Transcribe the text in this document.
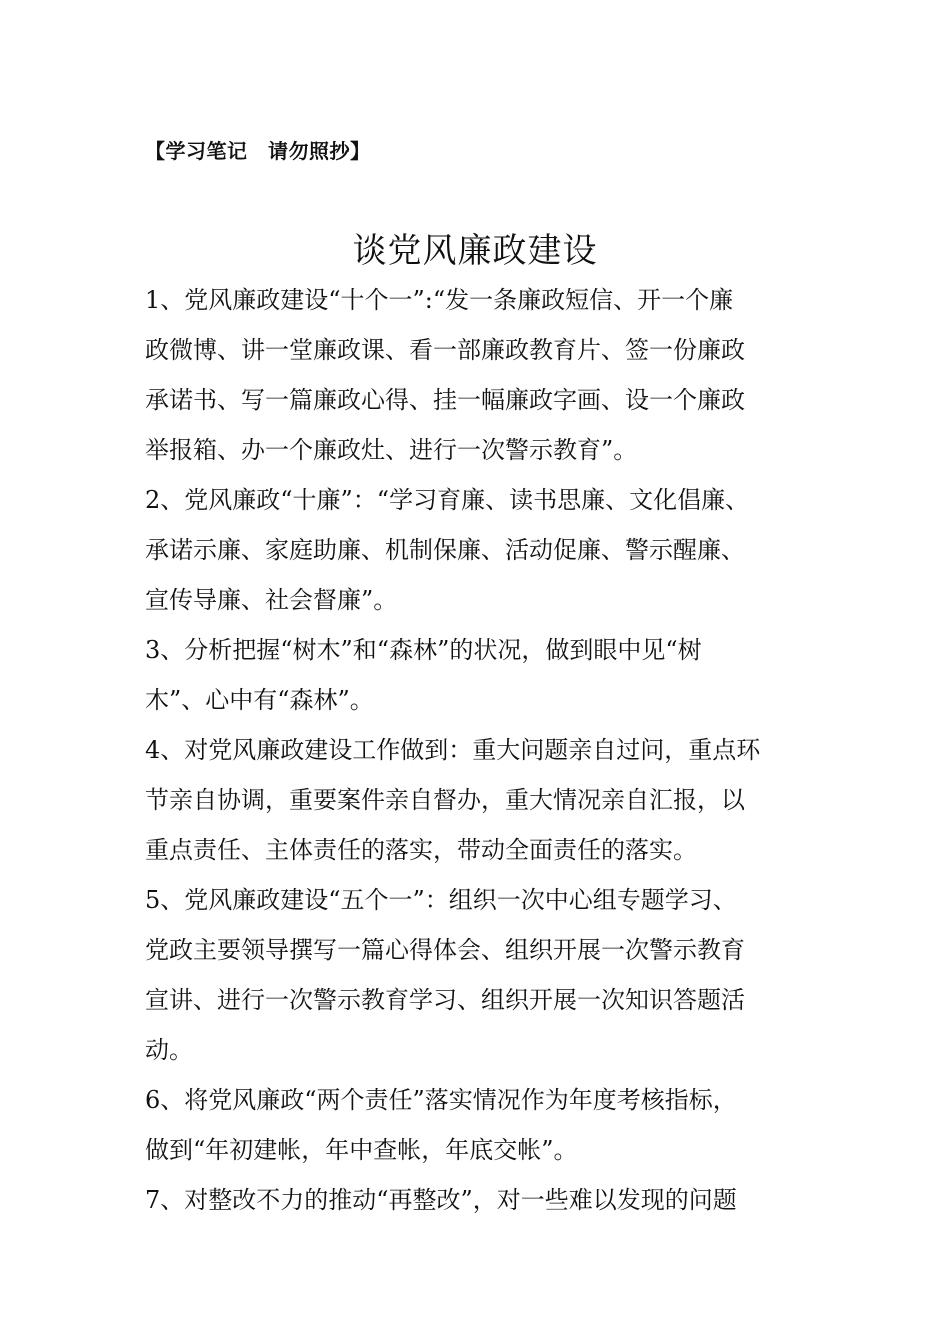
【学习笔记　请勿照抄】
谈党风廉政建设

1、党风廉政建设“十个一”:“发一条廉政短信、开一个廉

政微博、讲一堂廉政课、看一部廉政教育片、签一份廉政

承诺书、写一篇廉政心得、挂一幅廉政字画、设一个廉政

举报箱、办一个廉政灶、进行一次警示教育”。

2、党风廉政“十廉”：“学习育廉、读书思廉、文化倡廉、

承诺示廉、家庭助廉、机制保廉、活动促廉、警示醒廉、

宣传导廉、社会督廉”。

3、分析把握“树木”和“森林”的状况，做到眼中见“树

木”、心中有“森林”。

4、对党风廉政建设工作做到：重大问题亲自过问，重点环

节亲自协调，重要案件亲自督办，重大情况亲自汇报，以

重点责任、主体责任的落实，带动全面责任的落实。

5、党风廉政建设“五个一”：组织一次中心组专题学习、

党政主要领导撰写一篇心得体会、组织开展一次警示教育

宣讲、进行一次警示教育学习、组织开展一次知识答题活

动。

6、将党风廉政“两个责任”落实情况作为年度考核指标，

做到“年初建帐，年中查帐，年底交帐”。

7、对整改不力的推动“再整改”，对一些难以发现的问题
